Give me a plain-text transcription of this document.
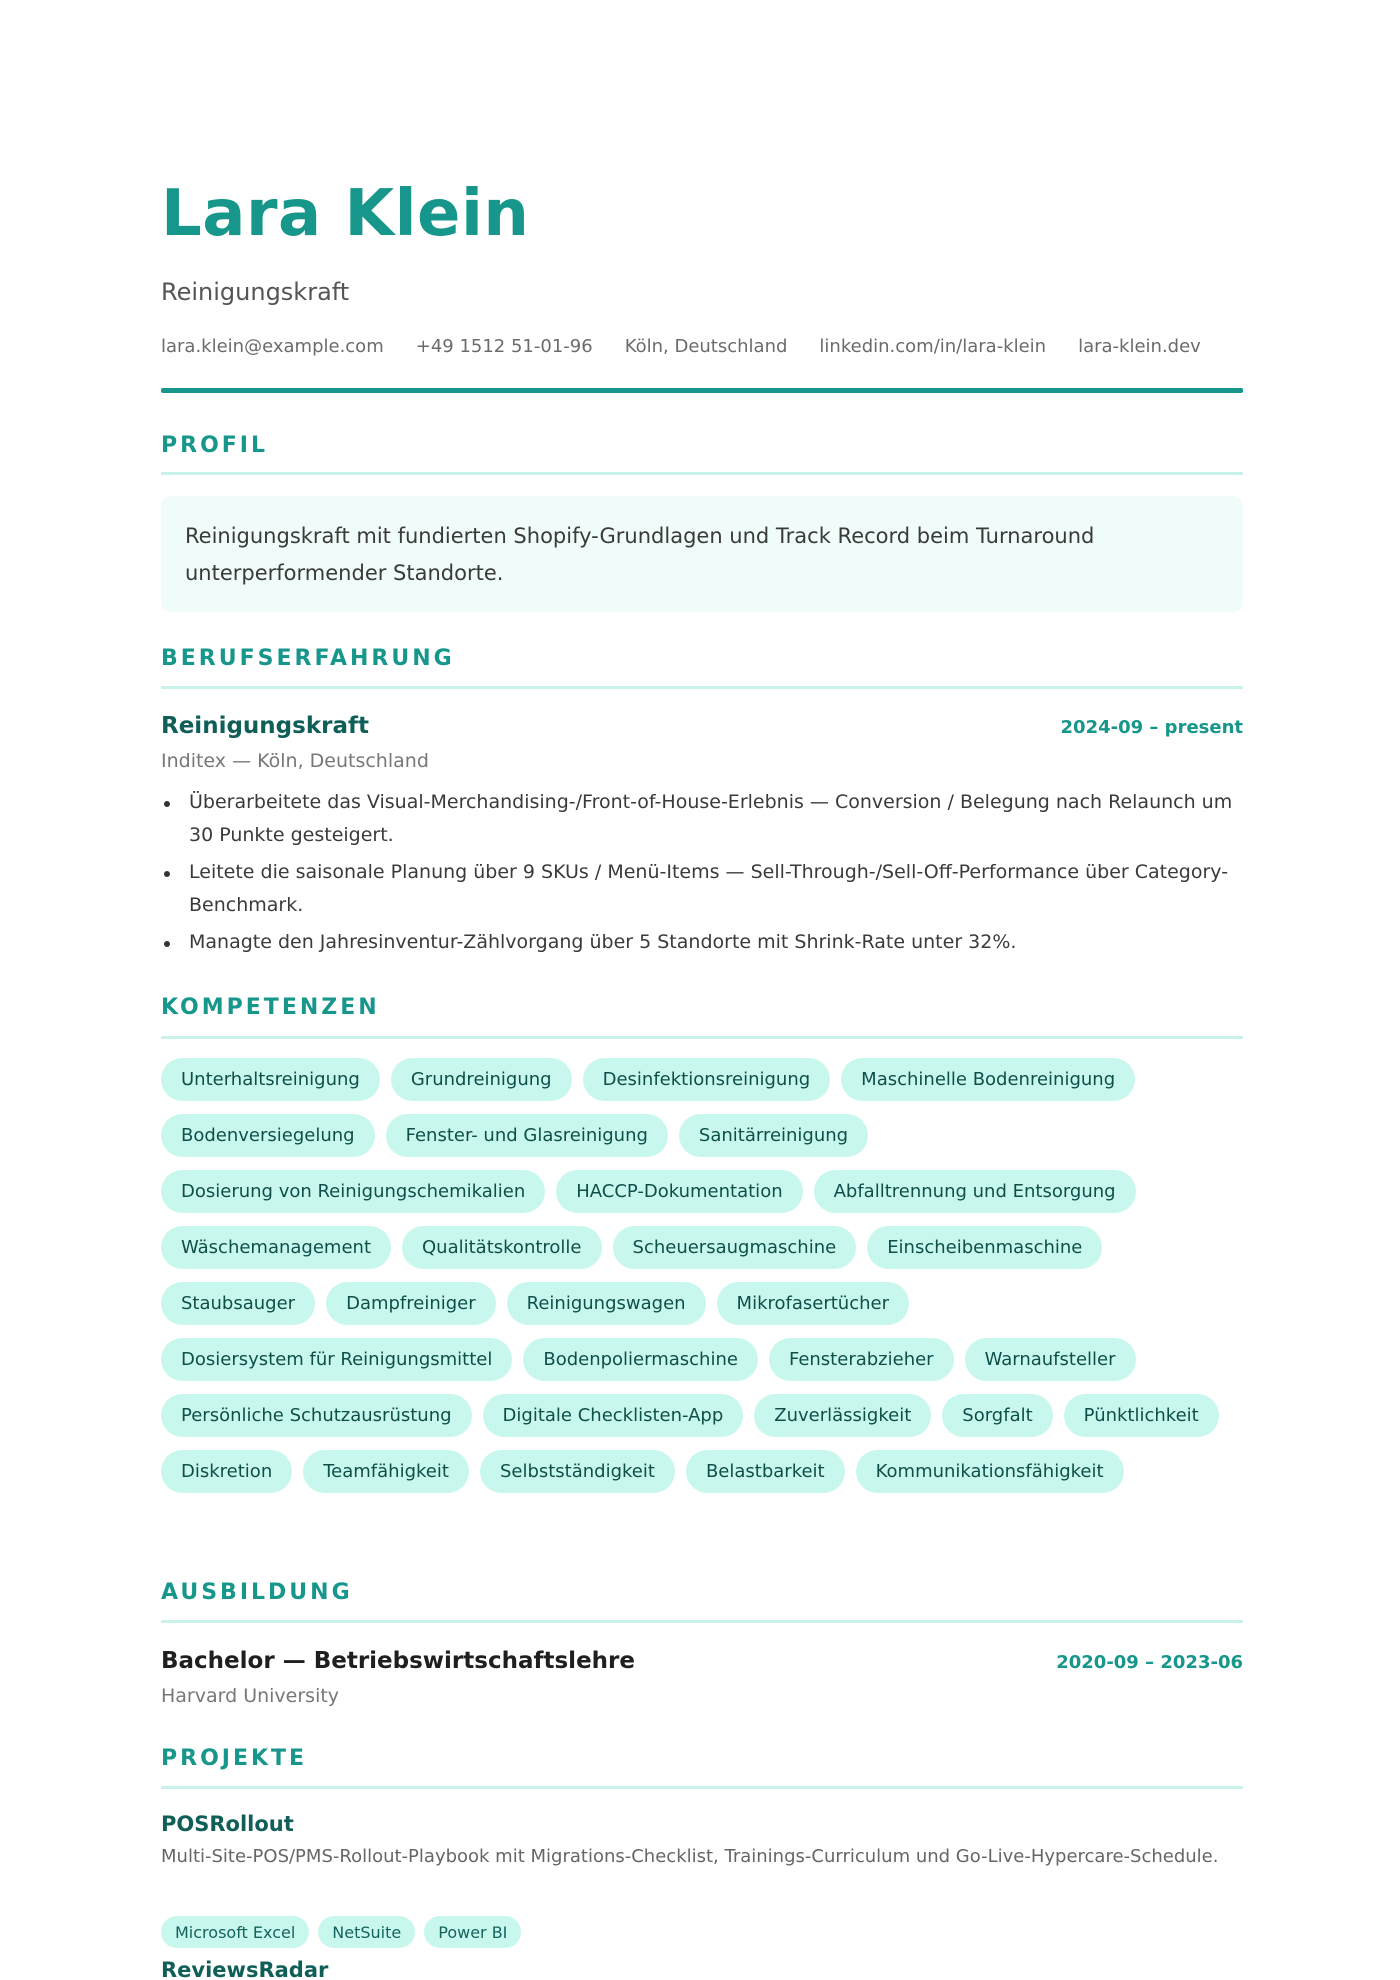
Lara Klein
Reinigungskraft
lara.klein@example.com +49 1512 51-01-96 Köln, Deutschland linkedin.com/in/lara-klein lara-klein.dev
PROFIL

Reinigungskraft mit fundierten Shopify-Grundlagen und Track Record beim Turnaround unterperformender Standorte.

BERUFSERFAHRUNG
Reinigungskraft	2024-09 – present
Inditex — Köln, Deutschland
Überarbeitete das Visual-Merchandising-/Front-of-House-Erlebnis — Conversion / Belegung nach Relaunch um 30 Punkte gesteigert.
Leitete die saisonale Planung über 9 SKUs / Menü-Items — Sell-Through-/Sell-Off-Performance über Category-Benchmark.
Managte den Jahresinventur-Zählvorgang über 5 Standorte mit Shrink-Rate unter 32%.
KOMPETENZEN
Unterhaltsreinigung	Grundreinigung	Desinfektionsreinigung	Maschinelle Bodenreinigung
Bodenversiegelung	Fenster- und Glasreinigung	Sanitärreinigung
Dosierung von Reinigungschemikalien	HACCP-Dokumentation	Abfalltrennung und Entsorgung
Wäschemanagement	Qualitätskontrolle	Scheuersaugmaschine	Einscheibenmaschine
Staubsauger	Dampfreiniger	Reinigungswagen	Mikrofasertücher
Dosiersystem für Reinigungsmittel	Bodenpoliermaschine	Fensterabzieher	Warnaufsteller
Persönliche Schutzausrüstung	Digitale Checklisten-App	Zuverlässigkeit	Sorgfalt	Pünktlichkeit
Diskretion	Teamfähigkeit	Selbstständigkeit	Belastbarkeit	Kommunikationsfähigkeit
AUSBILDUNG
Bachelor — Betriebswirtschaftslehre	2020-09 – 2023-06
Harvard University
PROJEKTE
POSRollout

Multi-Site-POS/PMS-Rollout-Playbook mit Migrations-Checklist, Trainings-Curriculum und Go-Live-Hypercare-Schedule.

Microsoft Excel	NetSuite	Power BI
ReviewsRadar
